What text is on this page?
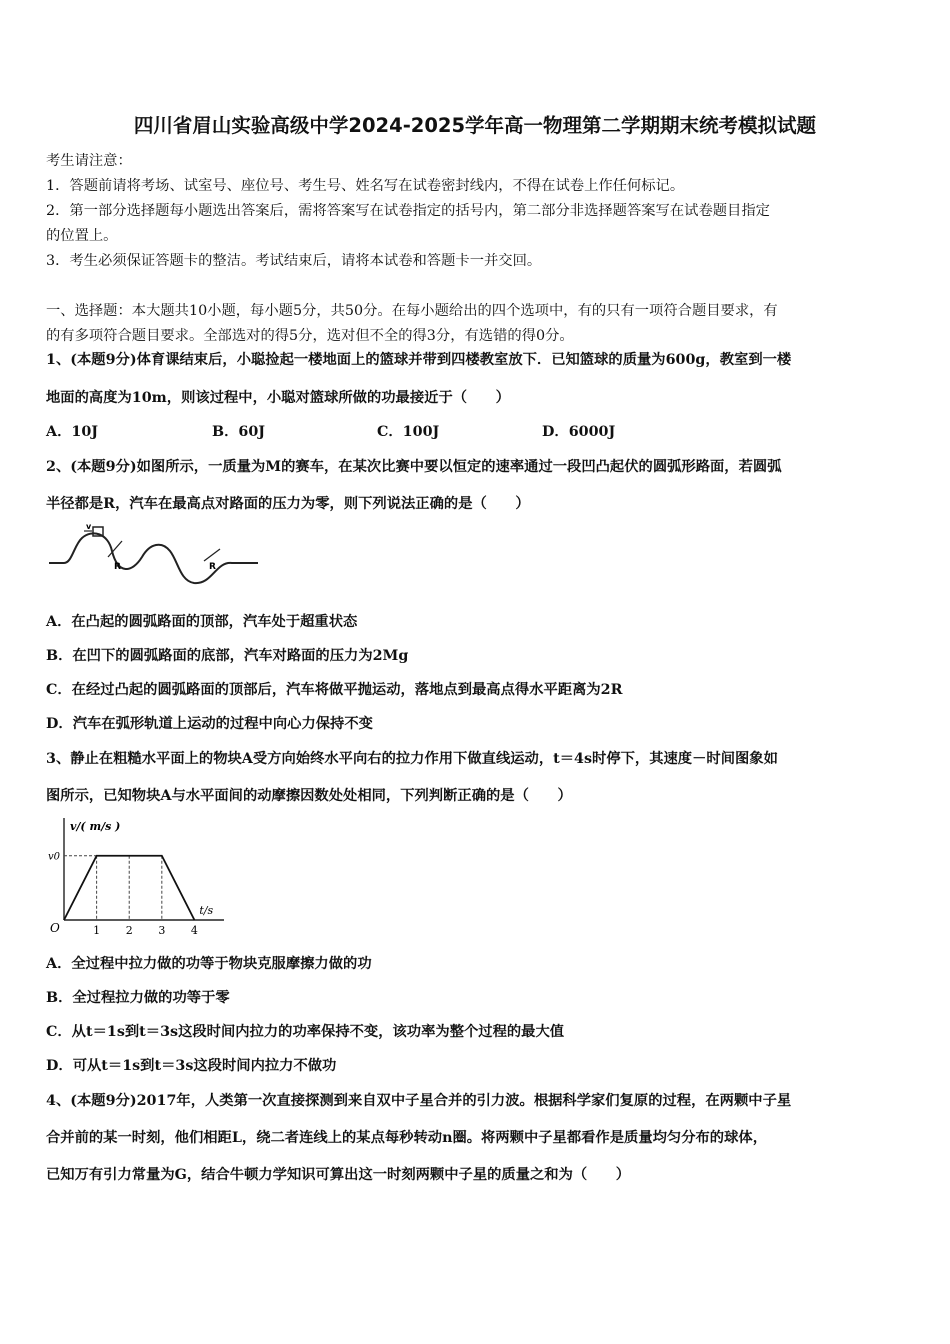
四川省眉山实验高级中学2024-2025学年高一物理第二学期期末统考模拟试题
考生请注意：
1．答题前请将考场、试室号、座位号、考生号、姓名写在试卷密封线内，不得在试卷上作任何标记。
2．第一部分选择题每小题选出答案后，需将答案写在试卷指定的括号内，第二部分非选择题答案写在试卷题目指定
的位置上。
3．考生必须保证答题卡的整洁。考试结束后，请将本试卷和答题卡一并交回。
一、选择题：本大题共10小题，每小题5分，共50分。在每小题给出的四个选项中，有的只有一项符合题目要求，有
的有多项符合题目要求。全部选对的得5分，选对但不全的得3分，有选错的得0分。
1、(本题9分)体育课结束后，小聪捡起一楼地面上的篮球并带到四楼教室放下．已知篮球的质量为600g，教室到一楼
地面的高度为10m，则该过程中，小聪对篮球所做的功最接近于（　　）
A．10J	B．60J	C．100J	D．6000J
2、(本题9分)如图所示，一质量为M的赛车，在某次比赛中要以恒定的速率通过一段凹凸起伏的圆弧形路面，若圆弧
半径都是R，汽车在最高点对路面的压力为零，则下列说法正确的是（　　）
v
R	R
A．在凸起的圆弧路面的顶部，汽车处于超重状态
B．在凹下的圆弧路面的底部，汽车对路面的压力为2Mg
C．在经过凸起的圆弧路面的顶部后，汽车将做平抛运动，落地点到最高点得水平距离为2R
D．汽车在弧形轨道上运动的过程中向心力保持不变
3、静止在粗糙水平面上的物块A受方向始终水平向右的拉力作用下做直线运动，t＝4s时停下，其速度－时间图象如
图所示，已知物块A与水平面间的动摩擦因数处处相同，下列判断正确的是（　　）
v/( m/s )
t/s
O
v0
1 2 3 4
A．全过程中拉力做的功等于物块克服摩擦力做的功
B．全过程拉力做的功等于零
C．从t＝1s到t＝3s这段时间内拉力的功率保持不变，该功率为整个过程的最大值
D．可从t＝1s到t＝3s这段时间内拉力不做功
4、(本题9分)2017年，人类第一次直接探测到来自双中子星合并的引力波。根据科学家们复原的过程，在两颗中子星
合并前的某一时刻，他们相距L，绕二者连线上的某点每秒转动n圈。将两颗中子星都看作是质量均匀分布的球体，
已知万有引力常量为G，结合牛顿力学知识可算出这一时刻两颗中子星的质量之和为（　　）
